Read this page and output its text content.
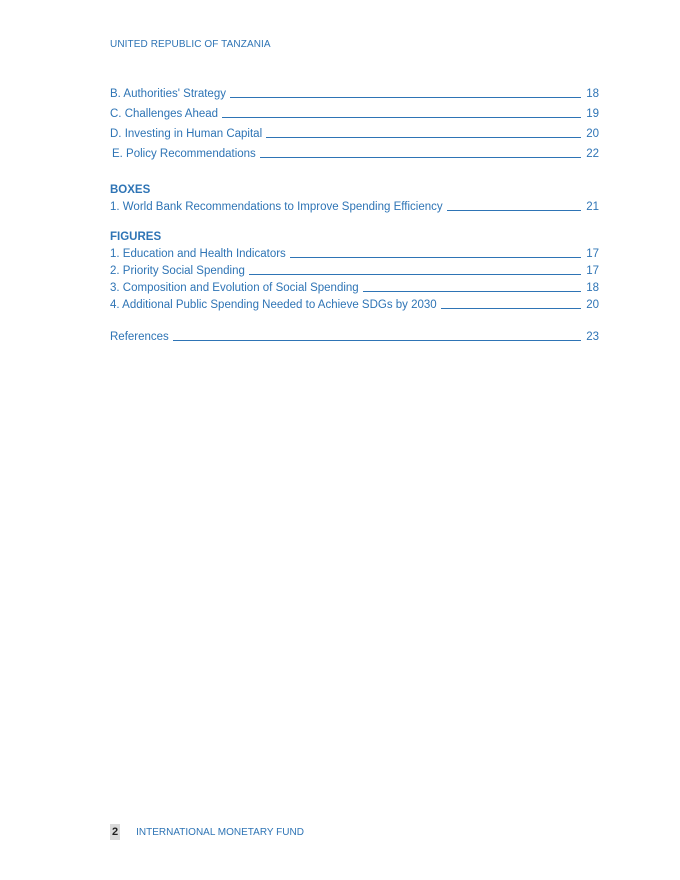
UNITED REPUBLIC OF TANZANIA
B. Authorities' Strategy	18
C. Challenges Ahead	19
D. Investing in Human Capital	20
E. Policy Recommendations	22
BOXES
1. World Bank Recommendations to Improve Spending Efficiency	21
FIGURES
1. Education and Health Indicators	17
2. Priority Social Spending	17
3. Composition and Evolution of Social Spending	18
4. Additional Public Spending Needed to Achieve SDGs by 2030	20
References	23
2 INTERNATIONAL MONETARY FUND
